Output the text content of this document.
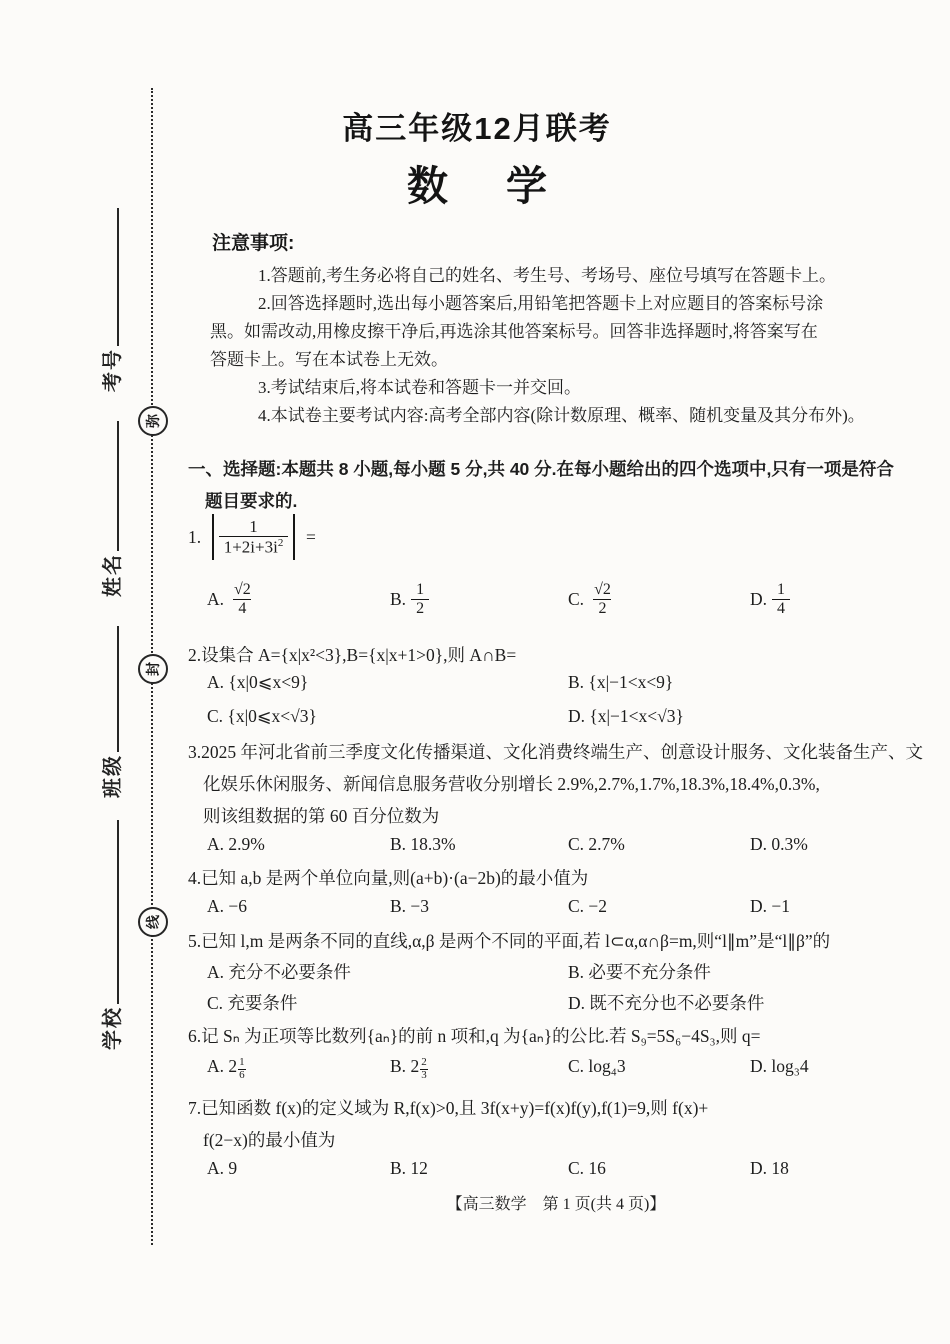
考号
姓名
班级
学校
弥
封
线
高三年级12月联考
数 学
注意事项:
1.答题前,考生务必将自己的姓名、考生号、考场号、座位号填写在答题卡上。
2.回答选择题时,选出每小题答案后,用铅笔把答题卡上对应题目的答案标号涂
黑。如需改动,用橡皮擦干净后,再选涂其他答案标号。回答非选择题时,将答案写在
答题卡上。写在本试卷上无效。
3.考试结束后,将本试卷和答题卡一并交回。
4.本试卷主要考试内容:高考全部内容(除计数原理、概率、随机变量及其分布外)。
一、选择题:本题共 8 小题,每小题 5 分,共 40 分.在每小题给出的四个选项中,只有一项是符合
题目要求的.
1. $\frac{1}{1+2i+3i^2}$ =
A. $\frac{√2}{4}$	B. $\frac{1}{2}$	C. $\frac{√2}{2}$	D. $\frac{1}{4}$
2.设集合 A={x|x²<3},B={x|x+1>0},则 A∩B=
A. {x|0⩽x<9}	B. {x|−1<x<9}
C. {x|0⩽x<√3}	D. {x|−1<x<√3}
3.2025 年河北省前三季度文化传播渠道、文化消费终端生产、创意设计服务、文化装备生产、文
化娱乐休闲服务、新闻信息服务营收分别增长 2.9%,2.7%,1.7%,18.3%,18.4%,0.3%,
则该组数据的第 60 百分位数为
A. 2.9%	B. 18.3%	C. 2.7%	D. 0.3%
4.已知 a,b 是两个单位向量,则(a+b)·(a−2b)的最小值为
A. −6	B. −3	C. −2	D. −1
5.已知 l,m 是两条不同的直线,α,β 是两个不同的平面,若 l⊂α,α∩β=m,则“l∥m”是“l∥β”的
A. 充分不必要条件	B. 必要不充分条件
C. 充要条件	D. 既不充分也不必要条件
6.记 Sₙ 为正项等比数列{aₙ}的前 n 项和,q 为{aₙ}的公比.若 S₉=5S₆−4S₃,则 q=
A. $2 \frac{1}{6}$	B. $2 \frac{2}{3}$	C. log₄3	D. log₃4
7.已知函数 f(x)的定义域为 R,f(x)>0,且 3f(x+y)=f(x)f(y),f(1)=9,则 f(x)+
f(2−x)的最小值为
A. 9	B. 12	C. 16	D. 18
【高三数学　第 1 页(共 4 页)】
